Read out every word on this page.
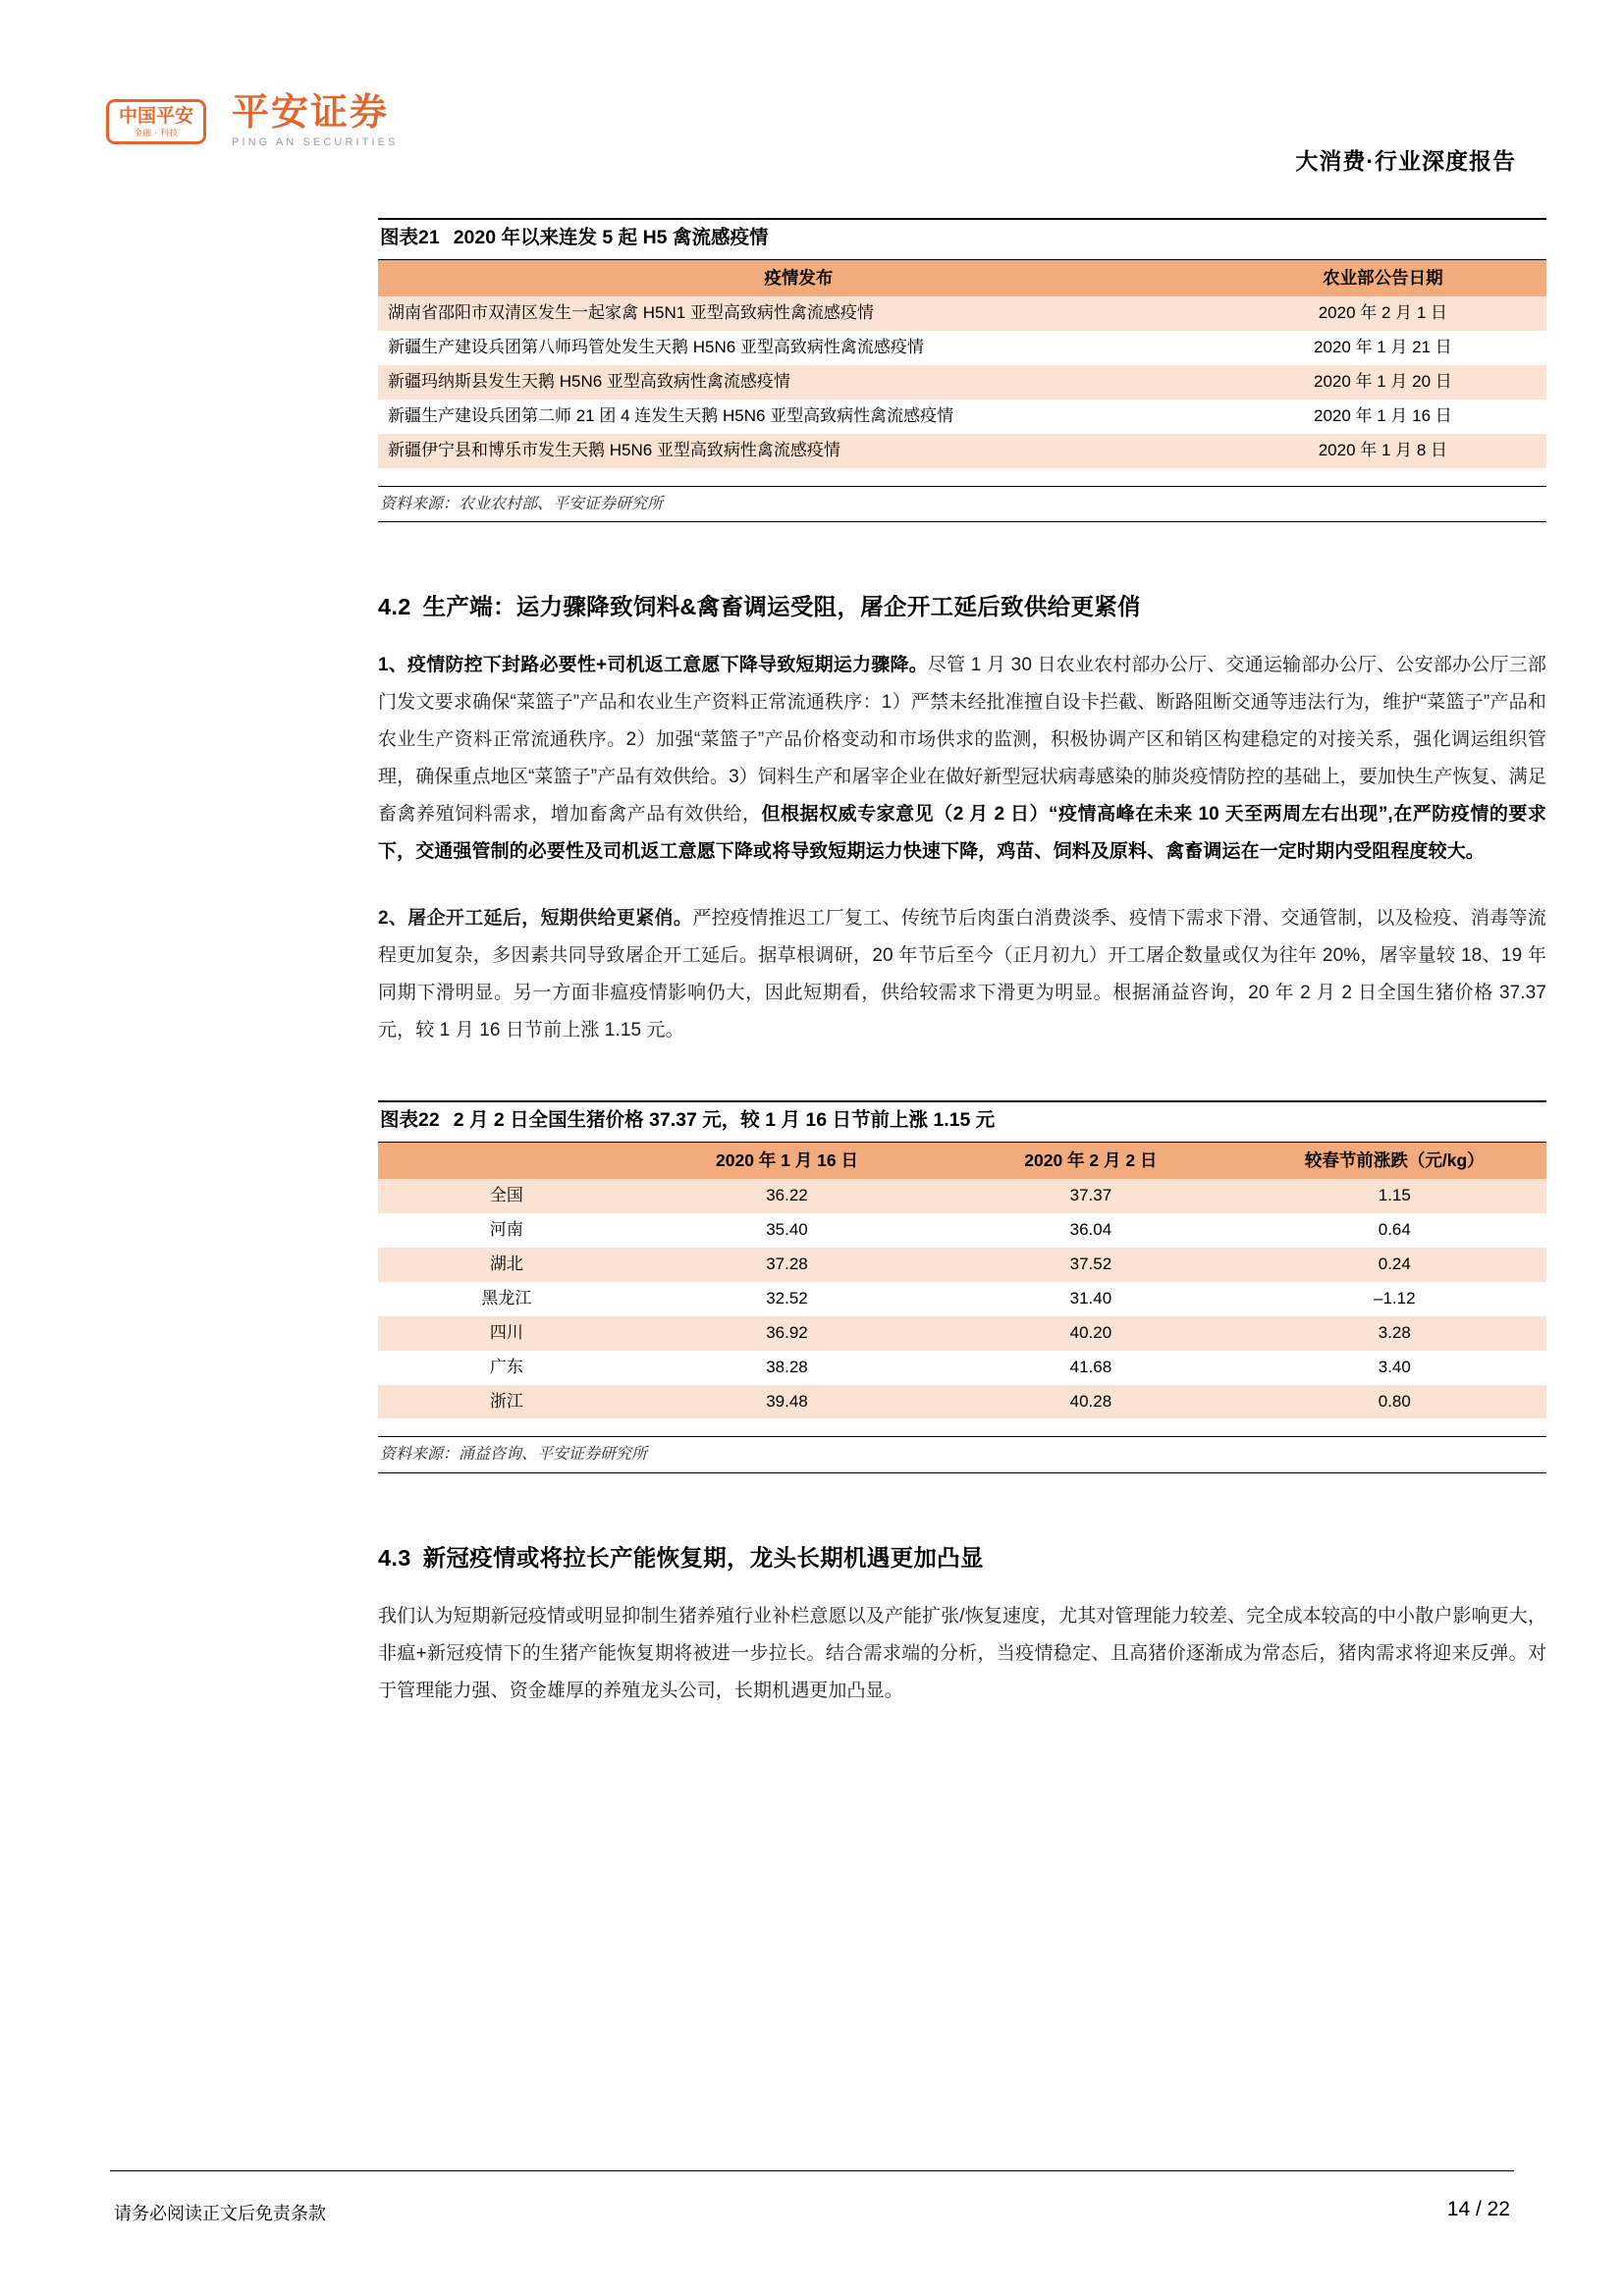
中国平安
金融 · 科技 平安证券
PING AN SECURITIES
大消费·行业深度报告
图表21 2020 年以来连发 5 起 H5 禽流感疫情
疫情发布	农业部公告日期
湖南省邵阳市双清区发生一起家禽 H5N1 亚型高致病性禽流感疫情	2020 年 2 月 1 日
新疆生产建设兵团第八师玛管处发生天鹅 H5N6 亚型高致病性禽流感疫情	2020 年 1 月 21 日
新疆玛纳斯县发生天鹅 H5N6 亚型高致病性禽流感疫情	2020 年 1 月 20 日
新疆生产建设兵团第二师 21 团 4 连发生天鹅 H5N6 亚型高致病性禽流感疫情	2020 年 1 月 16 日
新疆伊宁县和博乐市发生天鹅 H5N6 亚型高致病性禽流感疫情	2020 年 1 月 8 日
资料来源：农业农村部、平安证券研究所
4.2 生产端：运力骤降致饲料&禽畜调运受阻，屠企开工延后致供给更紧俏

1、疫情防控下封路必要性+司机返工意愿下降导致短期运力骤降。尽管 1 月 30 日农业农村部办公厅、交通运输部办公厅、公安部办公厅三部门发文要求确保“菜篮子”产品和农业生产资料正常流通秩序：1）严禁未经批准擅自设卡拦截、断路阻断交通等违法行为，维护“菜篮子”产品和农业生产资料正常流通秩序。2）加强“菜篮子”产品价格变动和市场供求的监测，积极协调产区和销区构建稳定的对接关系，强化调运组织管理，确保重点地区“菜篮子”产品有效供给。3）饲料生产和屠宰企业在做好新型冠状病毒感染的肺炎疫情防控的基础上，要加快生产恢复、满足畜禽养殖饲料需求，增加畜禽产品有效供给，但根据权威专家意见（2 月 2 日）“疫情高峰在未来 10 天至两周左右出现”,在严防疫情的要求下，交通强管制的必要性及司机返工意愿下降或将导致短期运力快速下降，鸡苗、饲料及原料、禽畜调运在一定时期内受阻程度较大。

2、屠企开工延后，短期供给更紧俏。严控疫情推迟工厂复工、传统节后肉蛋白消费淡季、疫情下需求下滑、交通管制，以及检疫、消毒等流程更加复杂，多因素共同导致屠企开工延后。据草根调研，20 年节后至今（正月初九）开工屠企数量或仅为往年 20%，屠宰量较 18、19 年同期下滑明显。另一方面非瘟疫情影响仍大，因此短期看，供给较需求下滑更为明显。根据涌益咨询，20 年 2 月 2 日全国生猪价格 37.37 元，较 1 月 16 日节前上涨 1.15 元。

图表22 2 月 2 日全国生猪价格 37.37 元，较 1 月 16 日节前上涨 1.15 元
	2020 年 1 月 16 日	2020 年 2 月 2 日	较春节前涨跌（元/kg）
全国	36.22	37.37	1.15
河南	35.40	36.04	0.64
湖北	37.28	37.52	0.24
黑龙江	32.52	31.40	–1.12
四川	36.92	40.20	3.28
广东	38.28	41.68	3.40
浙江	39.48	40.28	0.80
资料来源：涌益咨询、平安证券研究所
4.3 新冠疫情或将拉长产能恢复期，龙头长期机遇更加凸显

我们认为短期新冠疫情或明显抑制生猪养殖行业补栏意愿以及产能扩张/恢复速度，尤其对管理能力较差、完全成本较高的中小散户影响更大，非瘟+新冠疫情下的生猪产能恢复期将被进一步拉长。结合需求端的分析，当疫情稳定、且高猪价逐渐成为常态后，猪肉需求将迎来反弹。对于管理能力强、资金雄厚的养殖龙头公司，长期机遇更加凸显。

请务必阅读正文后免责条款	14 / 22
